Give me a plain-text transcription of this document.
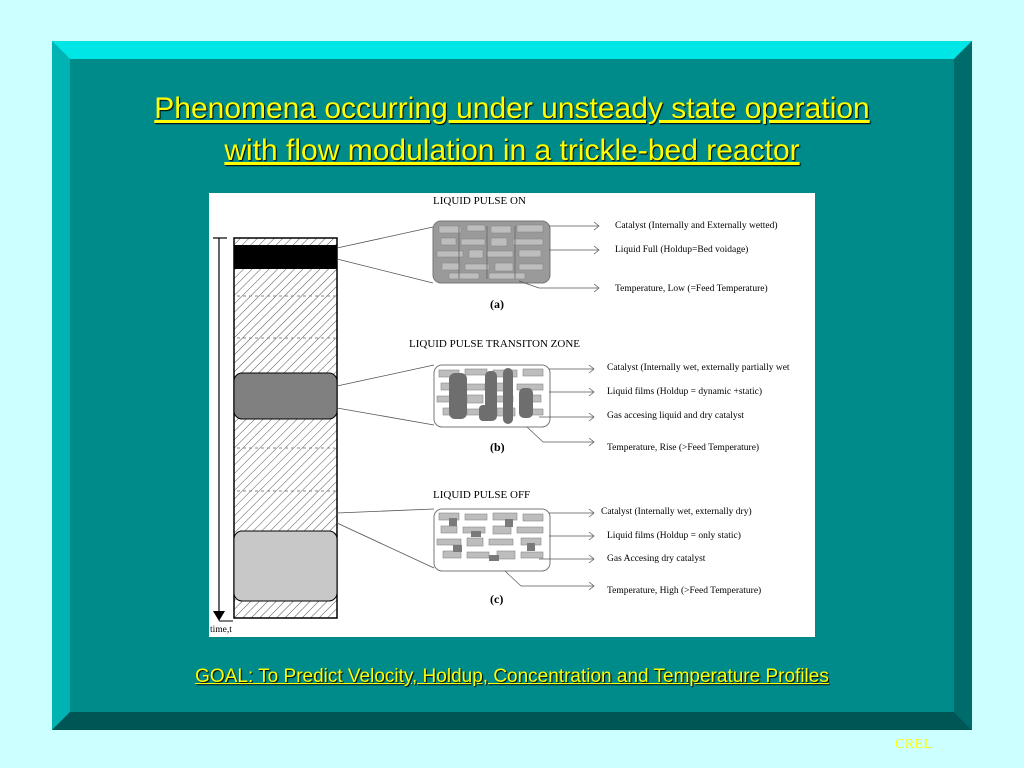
Phenomena occurring under unsteady state operation
with flow modulation in a trickle-bed reactor
LIQUID PULSE ON
Catalyst (Internally and Externally wetted)
Liquid Full (Holdup=Bed voidage)
Temperature, Low (=Feed Temperature)
(a)
LIQUID PULSE TRANSITON ZONE
Catalyst (Internally wet, externally partially wet
Liquid films (Holdup = dynamic +static)
Gas accesing liquid and dry catalyst
Temperature, Rise (>Feed Temperature)
(b)
LIQUID PULSE OFF
Catalyst (Internally wet, externally dry)
Liquid films (Holdup = only static)
Gas Accesing dry catalyst
Temperature, High (>Feed Temperature)
(c)
time,t
GOAL: To Predict Velocity, Holdup, Concentration and Temperature Profiles
CREL
